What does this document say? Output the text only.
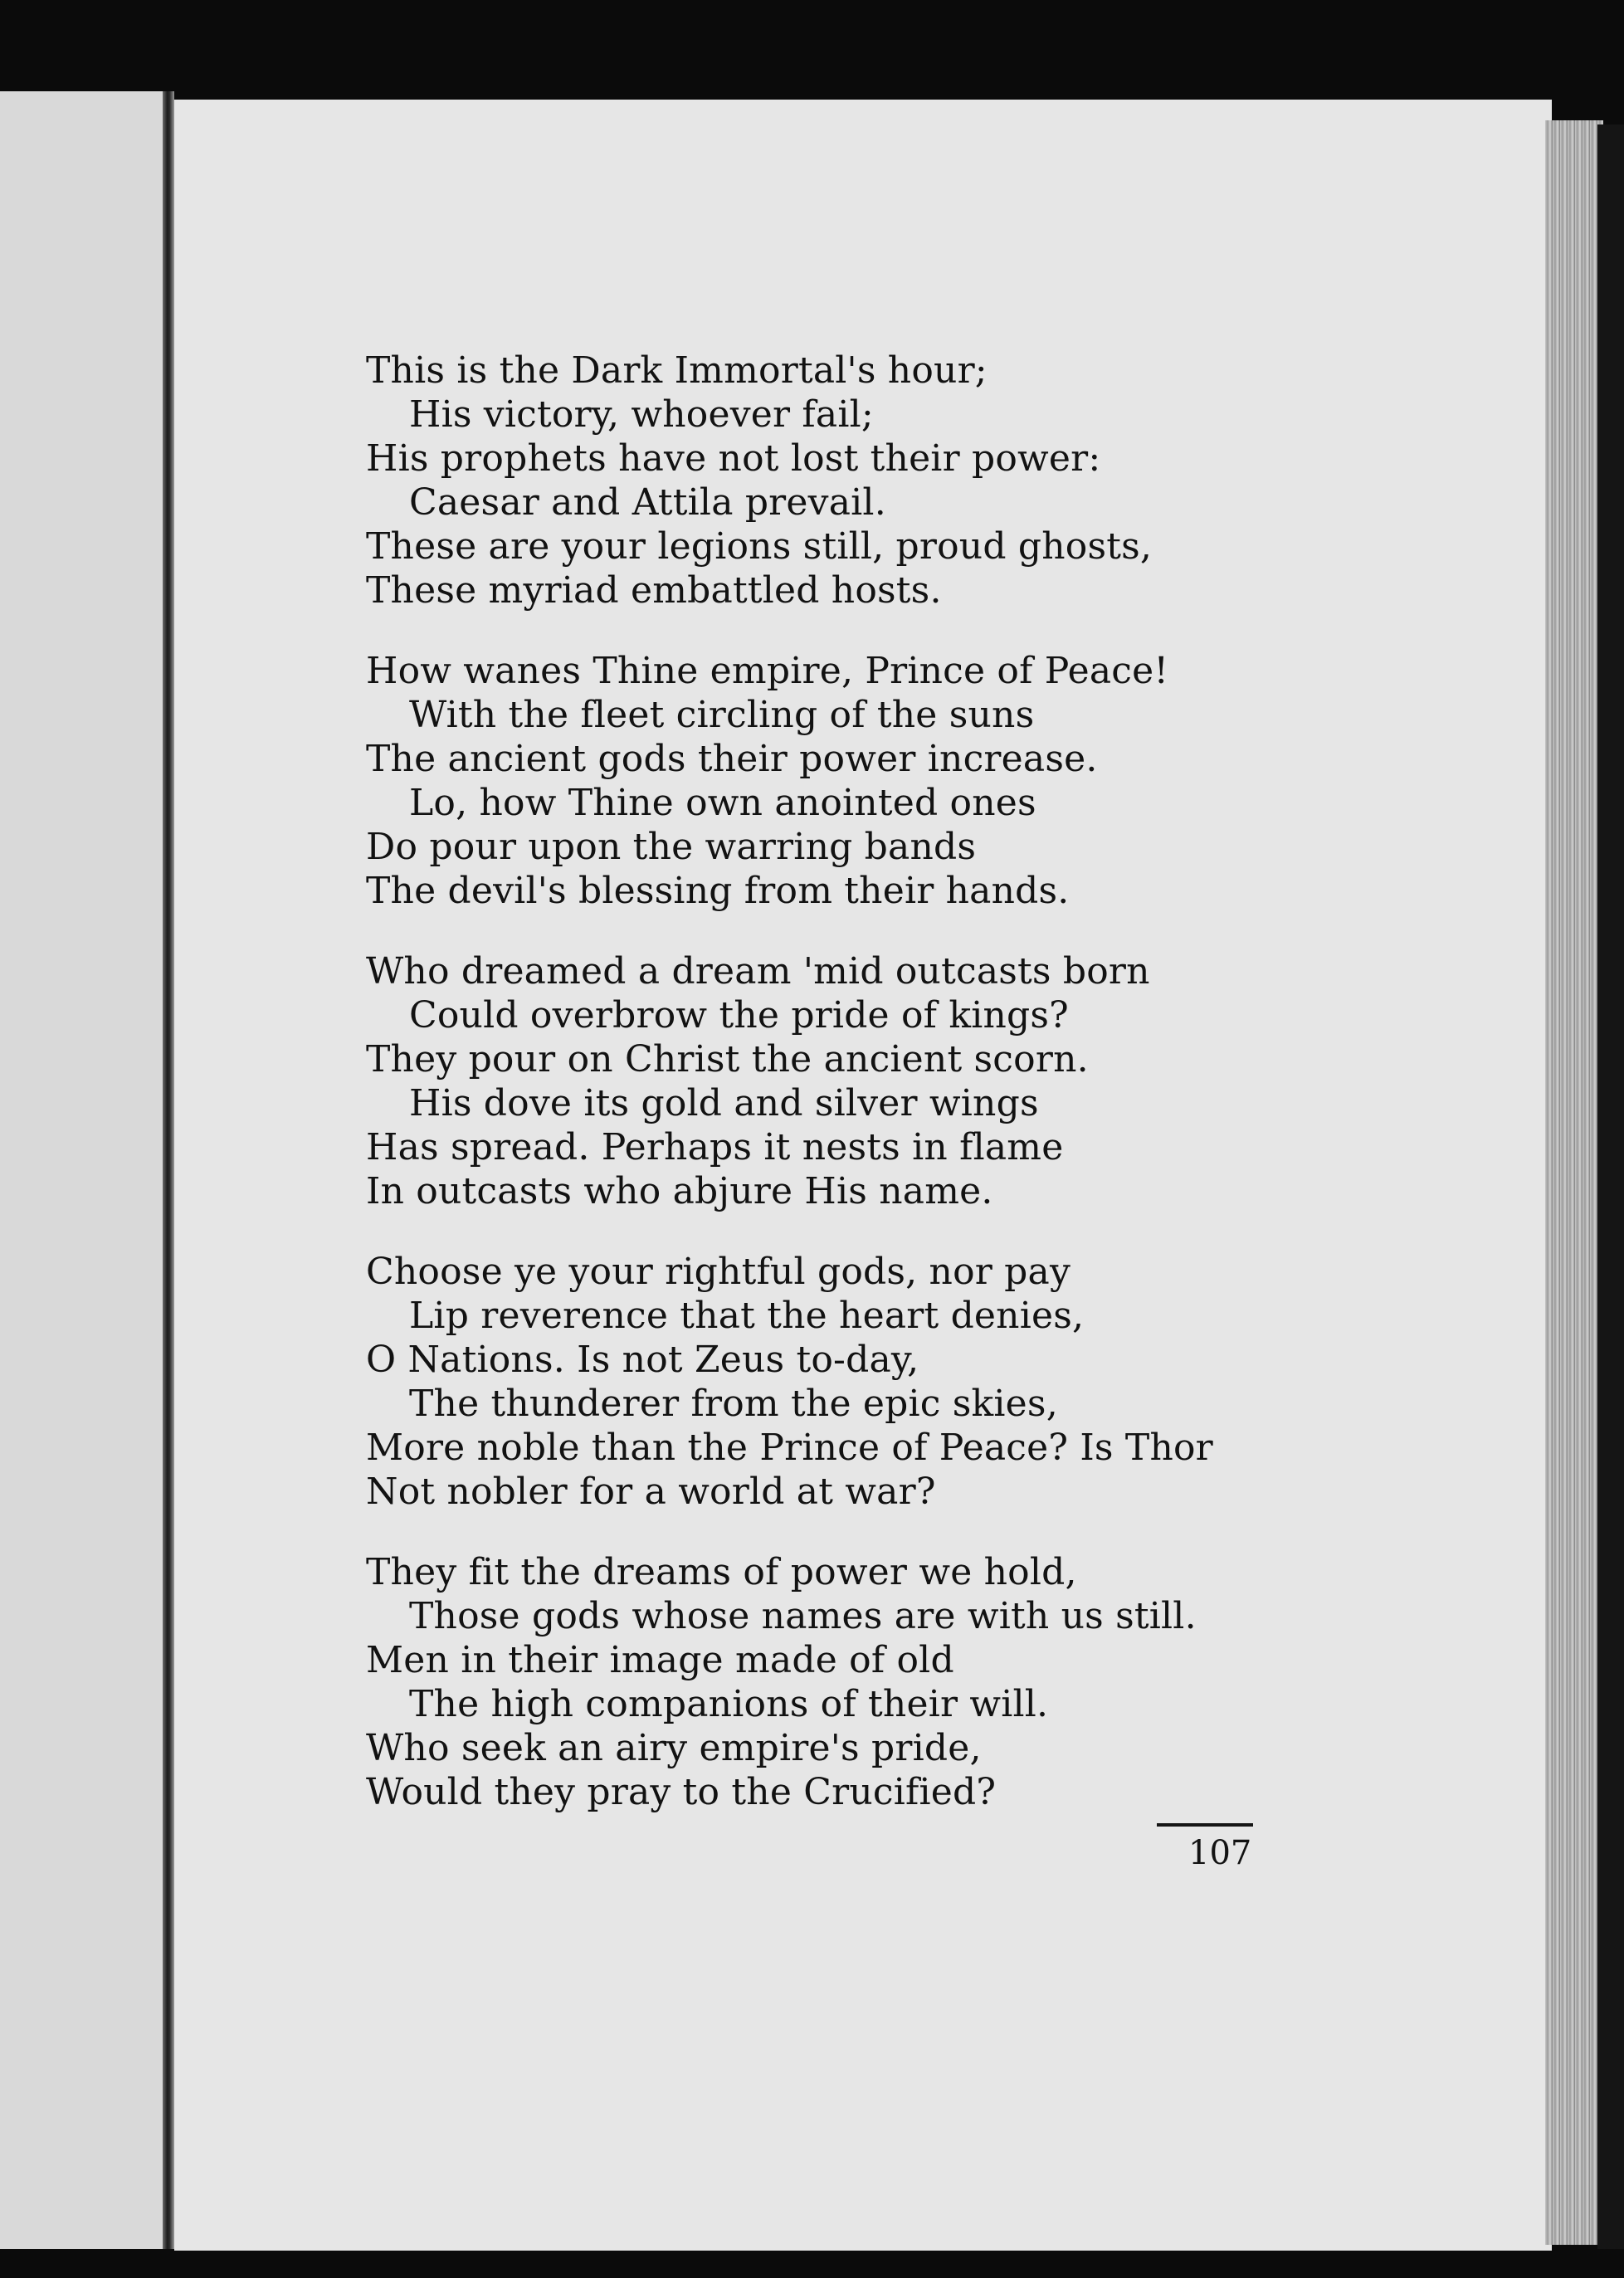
This is the Dark Immortal's hour;
His victory, whoever fail;
His prophets have not lost their power:
Caesar and Attila prevail.
These are your legions still, proud ghosts,
These myriad embattled hosts.
How wanes Thine empire, Prince of Peace!
With the fleet circling of the suns
The ancient gods their power increase.
Lo, how Thine own anointed ones
Do pour upon the warring bands
The devil's blessing from their hands.
Who dreamed a dream 'mid outcasts born
Could overbrow the pride of kings?
They pour on Christ the ancient scorn.
His dove its gold and silver wings
Has spread. Perhaps it nests in flame
In outcasts who abjure His name.
Choose ye your rightful gods, nor pay
Lip reverence that the heart denies,
O Nations. Is not Zeus to-day,
The thunderer from the epic skies,
More noble than the Prince of Peace? Is Thor
Not nobler for a world at war?
They fit the dreams of power we hold,
Those gods whose names are with us still.
Men in their image made of old
The high companions of their will.
Who seek an airy empire's pride,
Would they pray to the Crucified?
107
